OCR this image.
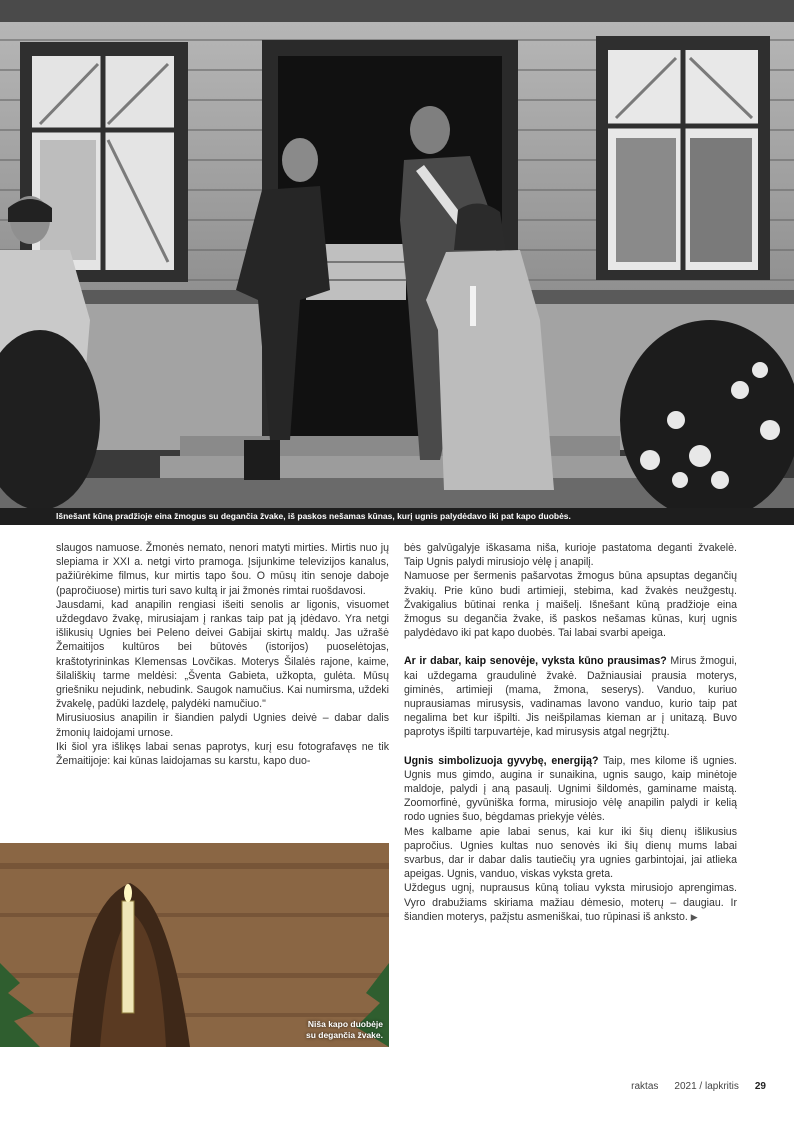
Išnešant kūną pradžioje eina žmogus su degančia žvake, iš paskos nešamas kūnas, kurį ugnis palydėdavo iki pat kapo duobės.

slaugos namuose. Žmonės nemato, nenori matyti mirties. Mirtis nuo jų slepiama ir XXI a. netgi virto pramoga. Įsijunkime televizijos kanalus, pažiūrėkime filmus, kur mirtis tapo šou. O mūsų itin senoje daboje (papročiuose) mirtis turi savo kultą ir jai žmonės rimtai ruošdavosi.

Jausdami, kad anapilin rengiasi išeiti senolis ar ligonis, visuomet uždegdavo žvakę, mirusiajam į rankas taip pat ją įdėdavo. Yra netgi išlikusių Ugnies bei Peleno deivei Gabijai skirtų maldų. Jas užrašė Žemaitijos kultūros bei būtovės (istorijos) puoselėtojas, kraštotyrininkas Klemensas Lovčikas. Moterys Šilalės rajone, kaime, šilališkių tarme meldėsi: „Šventa Gabieta, užkopta, gulėta. Mūsų griešniku nejudink, nebudink. Saugok namučius. Kai numirsma, uždeki žvakelę, padūki lazdelę, palydėki namučiuo."

Mirusiuosius anapilin ir šiandien palydi Ugnies deivė – dabar dalis žmonių laidojami urnose.

Iki šiol yra išlikęs labai senas paprotys, kurį esu fotografavęs ne tik Žemaitijoje: kai kūnas laidojamas su karstu, kapo duo-

Niša kapo duobėje
su degančia žvake.

bės galvūgalyje iškasama niša, kurioje pastatoma deganti žvakelė. Taip Ugnis palydi mirusiojo vėlę į anapilį.

Namuose per šermenis pašarvotas žmogus būna apsuptas degančių žvakių. Prie kūno budi artimieji, stebima, kad žvakės neužgestų. Žvakigalius būtinai renka į maišelį. Išnešant kūną pradžioje eina žmogus su degančia žvake, iš paskos nešamas kūnas, kurį ugnis palydėdavo iki pat kapo duobės. Tai labai svarbi apeiga.

Ar ir dabar, kaip senovėje, vyksta kūno prausimas? Mirus žmogui, kai uždegama graudulinė žvakė. Dažniausiai prausia moterys, giminės, artimieji (mama, žmona, seserys). Vanduo, kuriuo nuprausiamas mirusysis, vadinamas lavono vanduo, kurio taip pat negalima bet kur išpilti. Jis neišpilamas kieman ar į unitazą. Buvo paprotys išpilti tarpuvartėje, kad mirusysis atgal negrįžtų.

Ugnis simbolizuoja gyvybę, energiją? Taip, mes kilome iš ugnies. Ugnis mus gimdo, augina ir sunaikina, ugnis saugo, kaip minėtoje maldoje, palydi į aną pasaulį. Ugnimi šildomės, gaminame maistą. Zoomorfinė, gyvūniška forma, mirusiojo vėlę anapilin palydi ir kelią rodo ugnies šuo, bėgdamas priekyje vėlės.

Mes kalbame apie labai senus, kai kur iki šių dienų išlikusius papročius. Ugnies kultas nuo senovės iki šių dienų mums labai svarbus, dar ir dabar dalis tautiečių yra ugnies garbintojai, jai atlieka apeigas. Ugnis, vanduo, viskas vyksta greta.

Uždegus ugnį, nuprausus kūną toliau vyksta mirusiojo aprengimas. Vyro drabužiams skiriama mažiau dėmesio, moterų – daugiau. Ir šiandien moterys, pažįstu asmeniškai, tuo rūpinasi iš anksto. ▶

raktas 2021 / lapkritis 29
